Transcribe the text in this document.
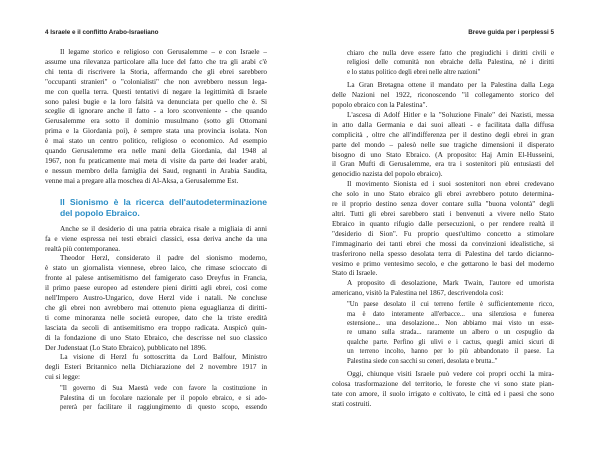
4 Israele e il conflitto Arabo-Israeliano
Il legame storico e religioso con Gerusalemme – e con Israele –
assume una rilevanza particolare alla luce del fatto che tra gli arabi c'è
chi tenta di riscrivere la Storia, affermando che gli ebrei sarebbero
"occupanti stranieri" o "colonialisti" che non avrebbero nessun lega-
me con quella terra. Questi tentativi di negare la legittimità di Israele
sono palesi bugie e la loro falsità va denunciata per quello che è. Si
sceglie di ignorare anche il fatto - a loro sconveniente - che quando
Gerusalemme era sotto il dominio musulmano (sotto gli Ottomani
prima e la Giordania poi), è sempre stata una provincia isolata. Non
è mai stato un centro politico, religioso o economico. Ad esempio
quando Gerusalemme era nelle mani della Giordania, dal 1948 al
1967, non fu praticamente mai meta di visite da parte dei leader arabi,
e nessun membro della famiglia dei Saud, regnanti in Arabia Saudita,
venne mai a pregare alla moschea di Al-Aksa, a Gerusalemme Est.
Il Sionismo è la ricerca dell'autodeterminazione
del popolo Ebraico.
Anche se il desiderio di una patria ebraica risale a migliaia di anni
fa e viene espressa nei testi ebraici classici, essa deriva anche da una
realtà più contemporanea.
Theodor Herzl, considerato il padre del sionismo moderno,
è stato un giornalista viennese, ebreo laico, che rimase scioccato di
fronte al palese antisemitismo del famigerato caso Dreyfus in Francia,
il primo paese europeo ad estendere pieni diritti agli ebrei, così come
nell'Impero Austro-Ungarico, dove Herzl vide i natali. Ne concluse
che gli ebrei non avrebbero mai ottenuto piena eguaglianza di diritti-
ti come minoranza nelle società europee, dato che la triste eredità
lasciata da secoli di antisemitismo era troppo radicata. Auspicò quin-
di la fondazione di uno Stato Ebraico, che descrisse nel suo classico
Der Judenstaat (Lo Stato Ebraico), pubblicato nel 1896.
La visione di Herzl fu sottoscritta da Lord Balfour, Ministro
degli Esteri Britannico nella Dichiarazione del 2 novembre 1917 in
cui si legge:
"Il governo di Sua Maestà vede con favore la costituzione in
Palestina di un focolare nazionale per il popolo ebraico, e si ado-
pererà per facilitare il raggiungimento di questo scopo, essendo
Breve guida per i perplessi 5
chiaro che nulla deve essere fatto che pregiudichi i diritti civili e
religiosi delle comunità non ebraiche della Palestina, né i diritti
e lo status politico degli ebrei nelle altre nazioni"
La Gran Bretagna ottene il mandato per la Palestina dalla Lega
delle Nazioni nel 1922, riconoscendo "il collegamento storico del
popolo ebraico con la Palestina".
L'ascesa di Adolf Hitler e la "Soluzione Finale" dei Nazisti, messa
in atto dalla Germania e dai suoi alleati - e facilitata dalla diffusa
complicità , oltre che all'indifferenza per il destino degli ebrei in gran
parte del mondo – palesò nelle sue tragiche dimensioni il disperato
bisogno di uno Stato Ebraico. (A proposito: Haj Amin El-Husseini,
il Gran Mufti di Gerusalemme, era tra i sostenitori più entusiasti del
genocidio nazista del popolo ebraico).
Il movimento Sionista ed i suoi sostenitori non ebrei credevano
che solo in uno Stato ebraico gli ebrei avrebbero potuto determina-
re il proprio destino senza dover contare sulla "buona volontà" degli
altri. Tutti gli ebrei sarebbero stati i benvenuti a vivere nello Stato
Ebraico in quanto rifugio dalle persecuzioni, o per rendere realtà il
"desiderio di Sion". Fu proprio quest'ultimo concetto a stimolare
l'immaginario dei tanti ebrei che mossi da convinzioni idealistiche, si
trasferirono nella spesso desolata terra di Palestina del tardo dicianno-
vesimo e primo ventesimo secolo, e che gettarono le basi del moderno
Stato di Israele.
A proposito di desolazione, Mark Twain, l'autore ed umorista
americano, visitò la Palestina nel 1867, descrivendola così:
"Un paese desolato il cui terreno fertile è sufficientemente ricco,
ma è dato interamente all'erbacce... una silenziosa e funerea
estensione... una desolazione... Non abbiamo mai visto un esse-
re umano sulla strada... raramente un albero o un cespuglio da
qualche parte. Perfino gli ulivi e i cactus, quegli amici sicuri di
un terreno incolto, hanno per lo più abbandonato il paese. La
Palestina siede con sacchi su ceneri, desolata e brutta.."
Oggi, chiunque visiti Israele può vedere coi propri occhi la mira-
colosa trasformazione del territorio, le foreste che vi sono state pian-
tate con amore, il suolo irrigato e coltivato, le città ed i paesi che sono
stati costruiti.
